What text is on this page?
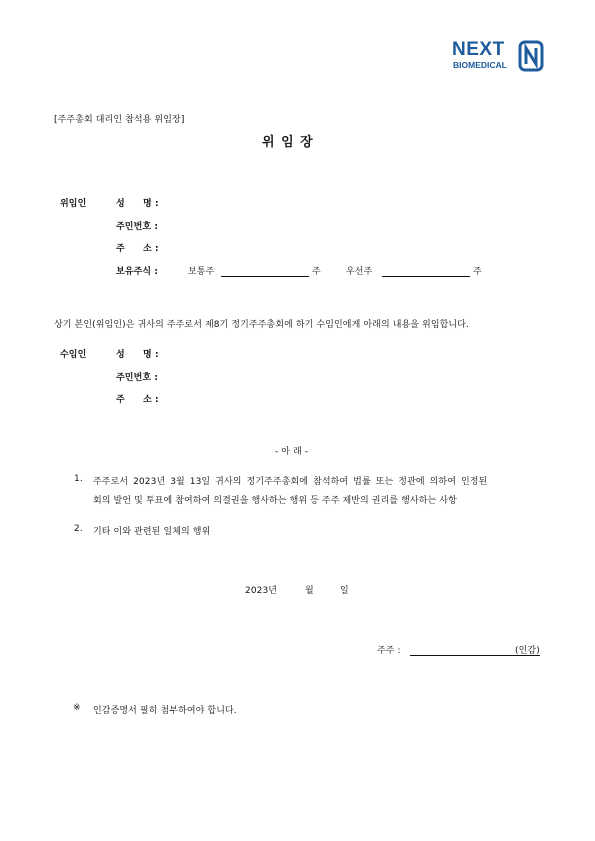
NEXT
BIOMEDICAL
[주주총회 대리인 참석용 위임장]
위 임 장
위임인	성　　명 :
주민번호 :
주　　소 :
보유주식 :	보통주	주	우선주	주
상기 본인(위임인)은 귀사의 주주로서 제8기 정기주주총회에 하기 수임인에게 아래의 내용을 위임합니다.
수임인	성　　명 :
주민번호 :
주　　소 :
- 아 래 -
1. 주주로서 2023년 3월 13일 귀사의 정기주주총회에 참석하여 법률 또는 정관에 의하여 인정된
회의 발언 및 투표에 참여하여 의결권을 행사하는 행위 등 주주 제반의 권리를 행사하는 사항
2. 기타 이와 관련된 일체의 행위
2023년	월	일
주주 :	(인감)
※ 인감증명서 필히 첨부하여야 합니다.
